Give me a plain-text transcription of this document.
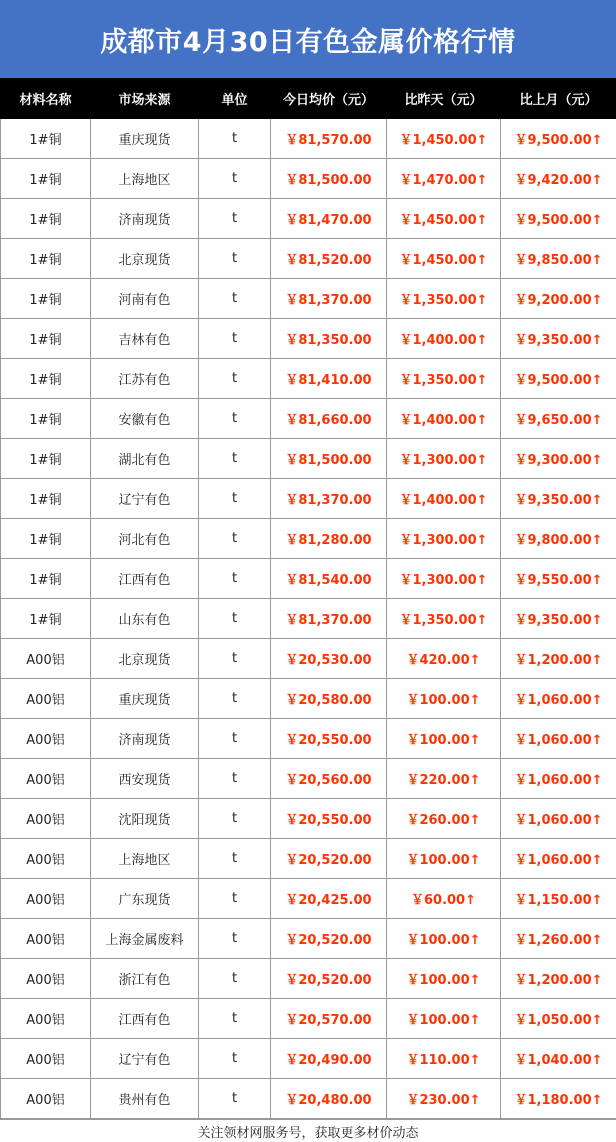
成都市4月30日有色金属价格行情
材料名称	市场来源	单位	今日均价（元）	比昨天（元）	比上月（元）
1#铜	重庆现货	t	￥81,570.00	￥1,450.00↑	￥9,500.00↑
1#铜	上海地区	t	￥81,500.00	￥1,470.00↑	￥9,420.00↑
1#铜	济南现货	t	￥81,470.00	￥1,450.00↑	￥9,500.00↑
1#铜	北京现货	t	￥81,520.00	￥1,450.00↑	￥9,850.00↑
1#铜	河南有色	t	￥81,370.00	￥1,350.00↑	￥9,200.00↑
1#铜	吉林有色	t	￥81,350.00	￥1,400.00↑	￥9,350.00↑
1#铜	江苏有色	t	￥81,410.00	￥1,350.00↑	￥9,500.00↑
1#铜	安徽有色	t	￥81,660.00	￥1,400.00↑	￥9,650.00↑
1#铜	湖北有色	t	￥81,500.00	￥1,300.00↑	￥9,300.00↑
1#铜	辽宁有色	t	￥81,370.00	￥1,400.00↑	￥9,350.00↑
1#铜	河北有色	t	￥81,280.00	￥1,300.00↑	￥9,800.00↑
1#铜	江西有色	t	￥81,540.00	￥1,300.00↑	￥9,550.00↑
1#铜	山东有色	t	￥81,370.00	￥1,350.00↑	￥9,350.00↑
A00铝	北京现货	t	￥20,530.00	￥420.00↑	￥1,200.00↑
A00铝	重庆现货	t	￥20,580.00	￥100.00↑	￥1,060.00↑
A00铝	济南现货	t	￥20,550.00	￥100.00↑	￥1,060.00↑
A00铝	西安现货	t	￥20,560.00	￥220.00↑	￥1,060.00↑
A00铝	沈阳现货	t	￥20,550.00	￥260.00↑	￥1,060.00↑
A00铝	上海地区	t	￥20,520.00	￥100.00↑	￥1,060.00↑
A00铝	广东现货	t	￥20,425.00	￥60.00↑	￥1,150.00↑
A00铝	上海金属废料	t	￥20,520.00	￥100.00↑	￥1,260.00↑
A00铝	浙江有色	t	￥20,520.00	￥100.00↑	￥1,200.00↑
A00铝	江西有色	t	￥20,570.00	￥100.00↑	￥1,050.00↑
A00铝	辽宁有色	t	￥20,490.00	￥110.00↑	￥1,040.00↑
A00铝	贵州有色	t	￥20,480.00	￥230.00↑	￥1,180.00↑
关注领材网服务号，获取更多材价动态
